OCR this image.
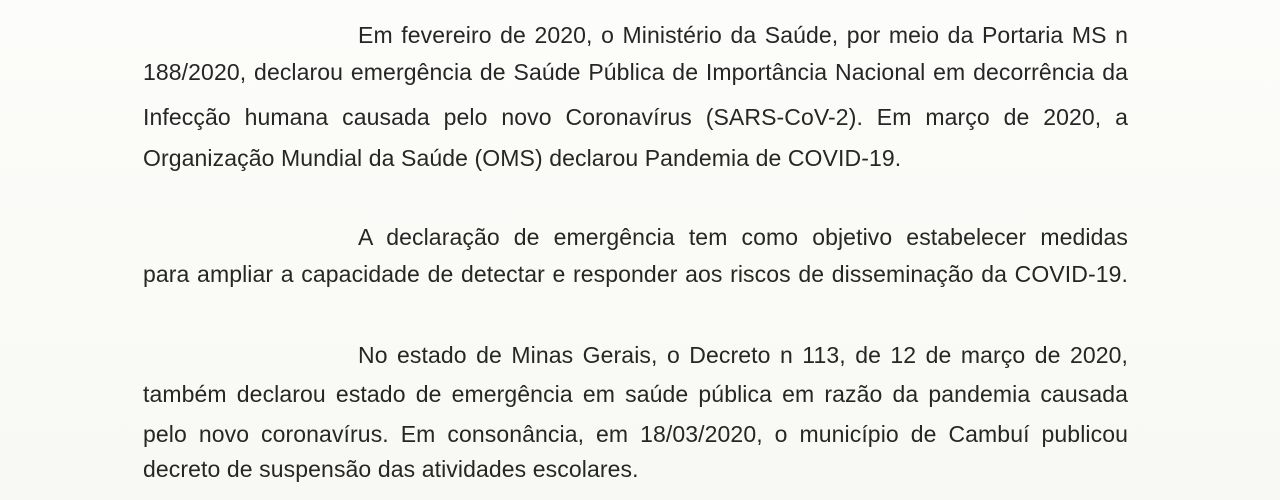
Em fevereiro de 2020, o Ministério da Saúde, por meio da Portaria MS n
188/2020, declarou emergência de Saúde Pública de Importância Nacional em decorrência da
Infecção humana causada pelo novo Coronavírus (SARS-CoV-2). Em março de 2020, a
Organização Mundial da Saúde (OMS) declarou Pandemia de COVID-19.
A declaração de emergência tem como objetivo estabelecer medidas
para ampliar a capacidade de detectar e responder aos riscos de disseminação da COVID-19.
No estado de Minas Gerais, o Decreto n 113, de 12 de março de 2020,
também declarou estado de emergência em saúde pública em razão da pandemia causada
pelo novo coronavírus. Em consonância, em 18/03/2020, o município de Cambuí publicou
decreto de suspensão das atividades escolares.
